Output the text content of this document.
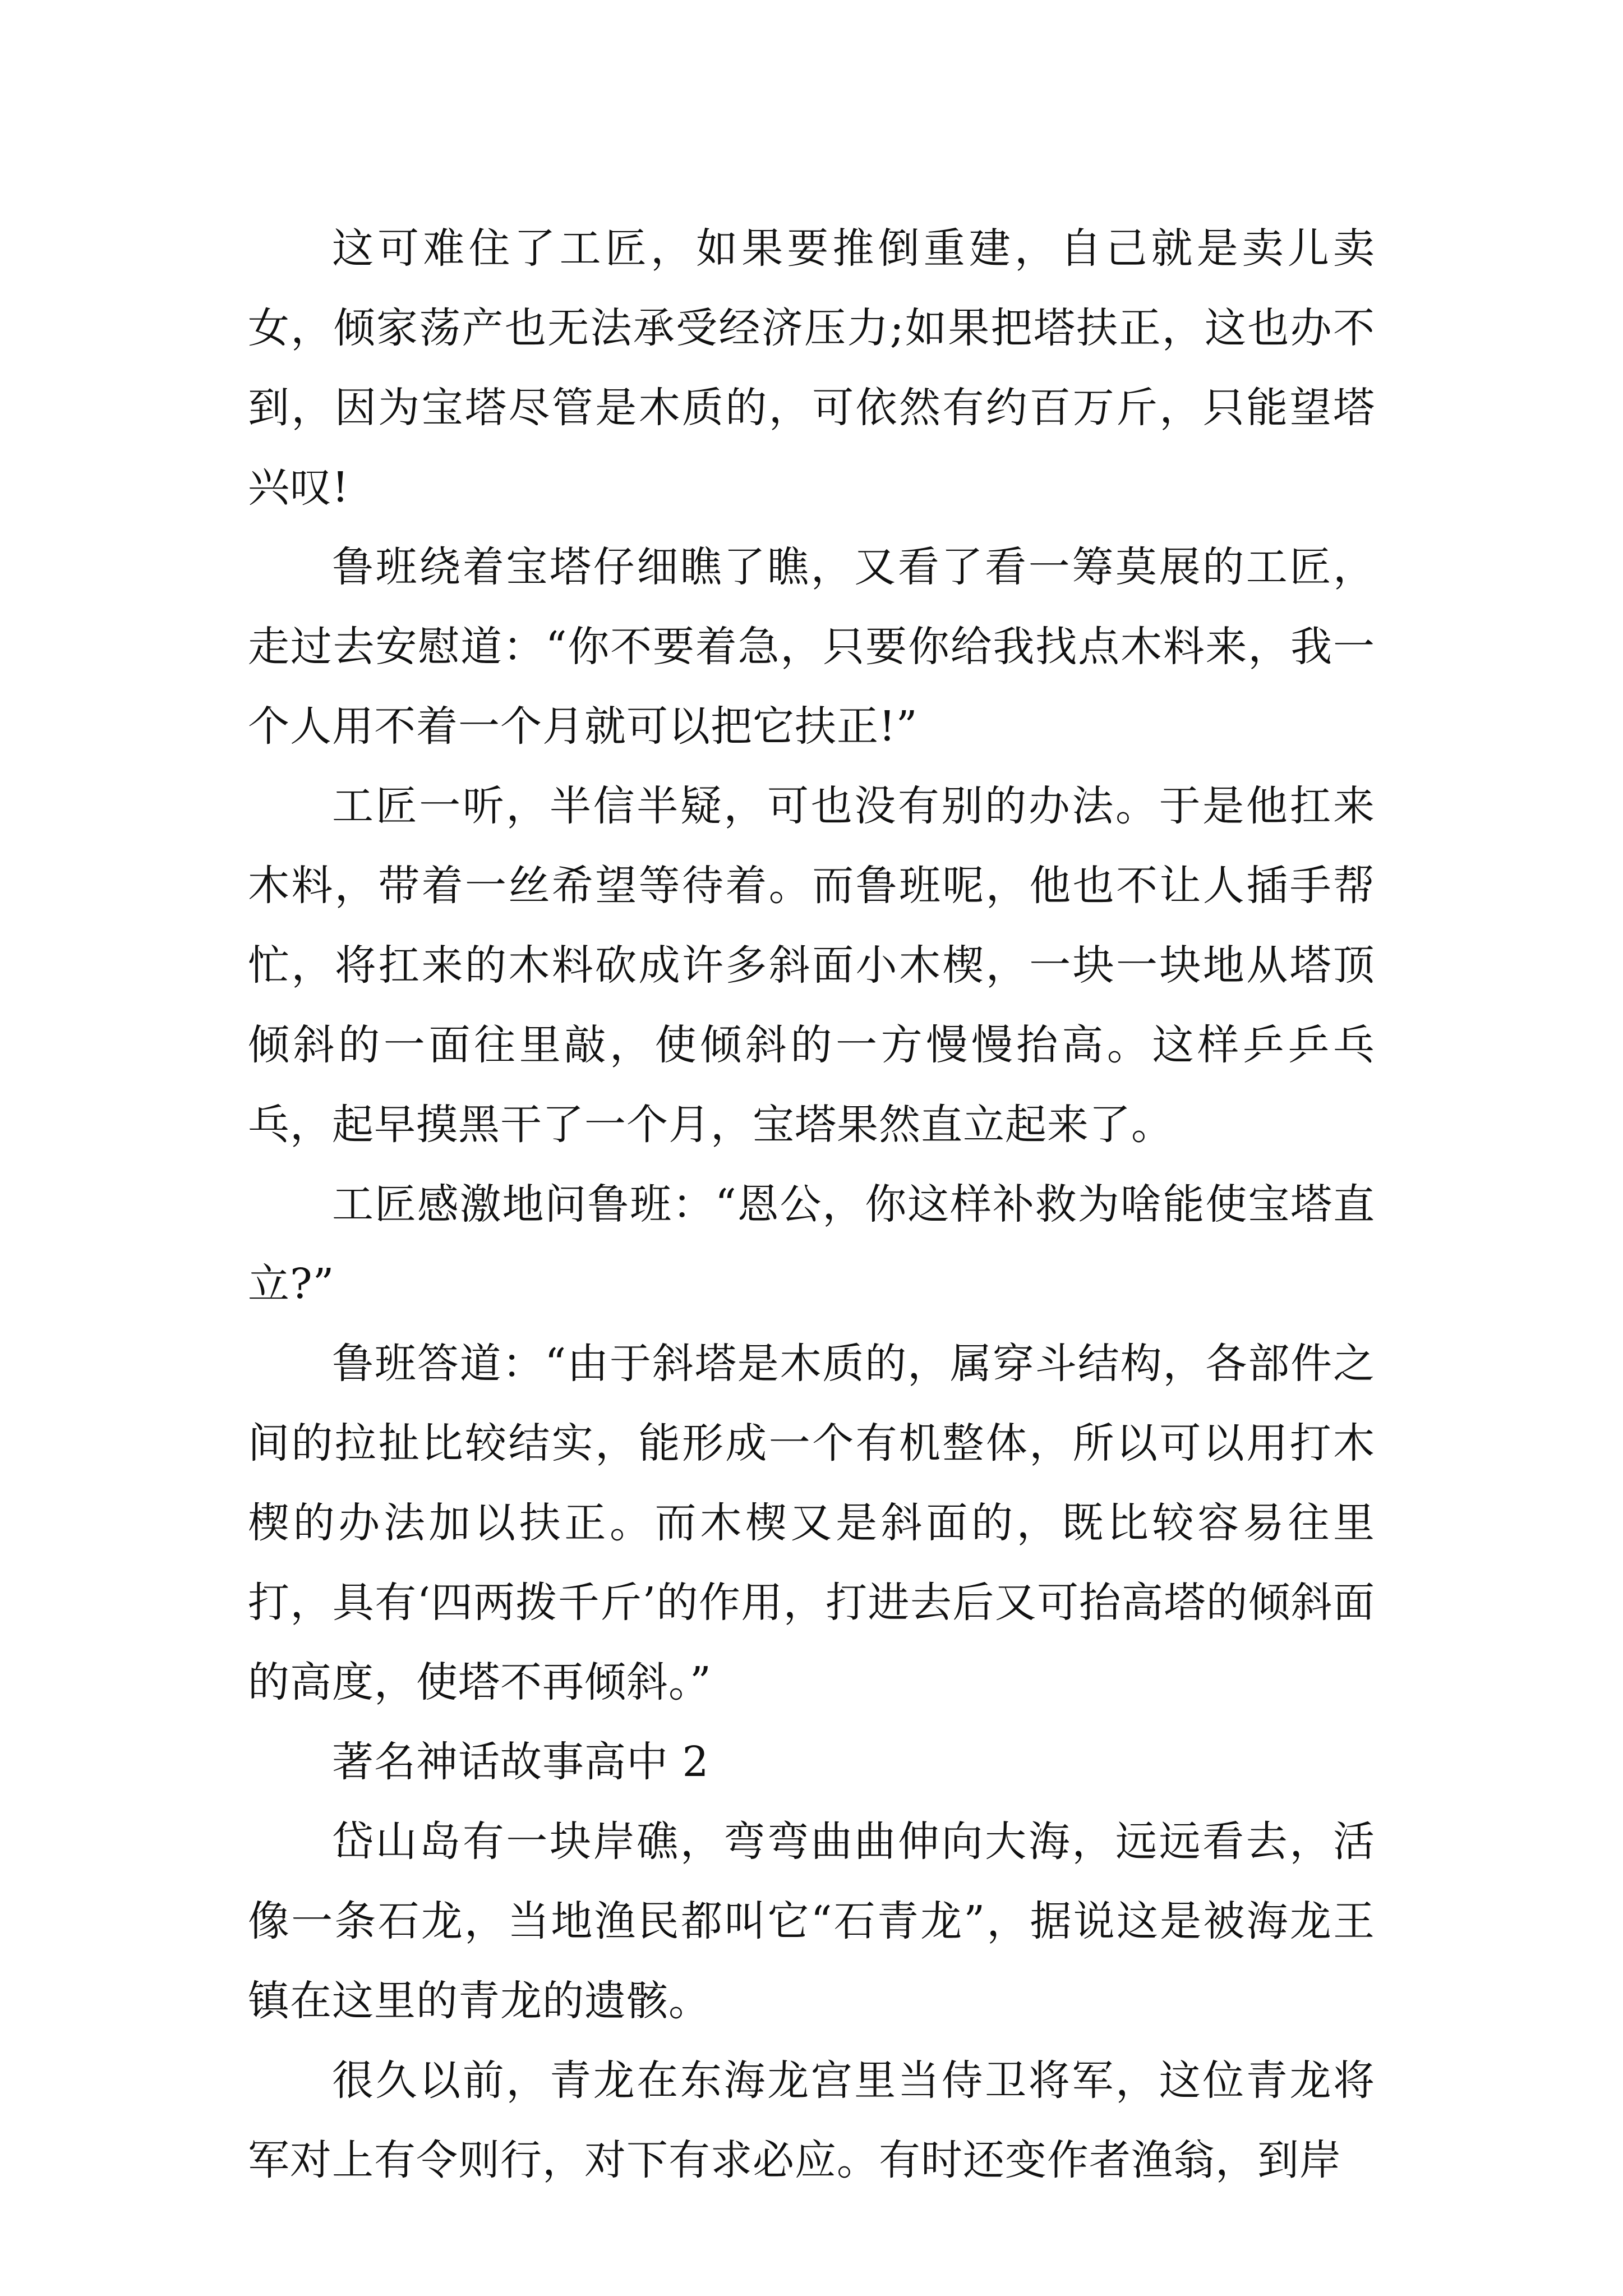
这可难住了工匠，如果要推倒重建，自己就是卖儿卖女，倾家荡产也无法承受经济压力;如果把塔扶正，这也办不到，因为宝塔尽管是木质的，可依然有约百万斤，只能望塔兴叹!

鲁班绕着宝塔仔细瞧了瞧，又看了看一筹莫展的工匠，走过去安慰道：“你不要着急，只要你给我找点木料来，我一个人用不着一个月就可以把它扶正!”

工匠一听，半信半疑，可也没有别的办法。于是他扛来木料，带着一丝希望等待着。而鲁班呢，他也不让人插手帮忙，将扛来的木料砍成许多斜面小木楔，一块一块地从塔顶倾斜的一面往里敲，使倾斜的一方慢慢抬高。这样乒乒乓乓，起早摸黑干了一个月，宝塔果然直立起来了。

工匠感激地问鲁班：“恩公，你这样补救为啥能使宝塔直立?”

鲁班答道：“由于斜塔是木质的，属穿斗结构，各部件之间的拉扯比较结实，能形成一个有机整体，所以可以用打木楔的办法加以扶正。而木楔又是斜面的，既比较容易往里打，具有‘四两拨千斤’的作用，打进去后又可抬高塔的倾斜面的高度，使塔不再倾斜。”

著名神话故事高中 2

岱山岛有一块岸礁，弯弯曲曲伸向大海，远远看去，活像一条石龙，当地渔民都叫它“石青龙”，据说这是被海龙王镇在这里的青龙的遗骸。

很久以前，青龙在东海龙宫里当侍卫将军，这位青龙将军对上有令则行，对下有求必应。有时还变作者渔翁，到岸
